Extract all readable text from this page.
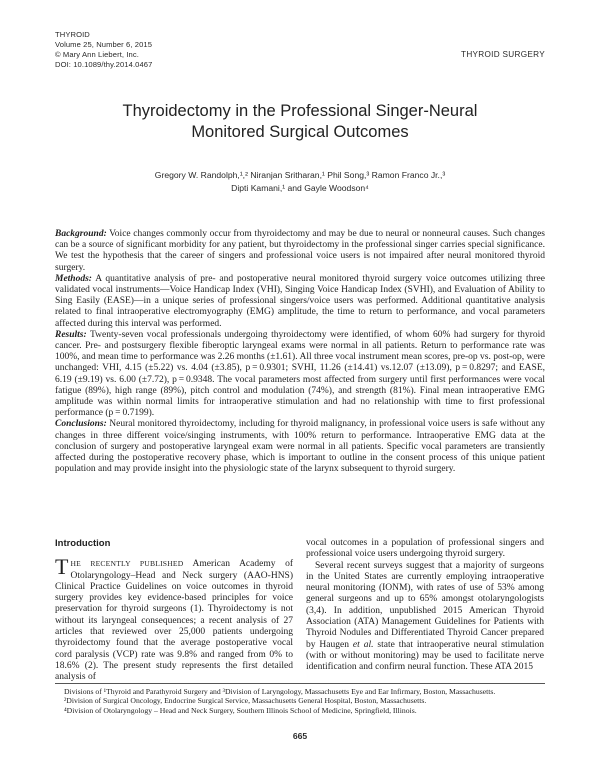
THYROID
Volume 25, Number 6, 2015
© Mary Ann Liebert, Inc.
DOI: 10.1089/thy.2014.0467
THYROID SURGERY
Thyroidectomy in the Professional Singer-Neural Monitored Surgical Outcomes
Gregory W. Randolph,¹,² Niranjan Sritharan,¹ Phil Song,³ Ramon Franco Jr.,³
Dipti Kamani,¹ and Gayle Woodson⁴

Background: Voice changes commonly occur from thyroidectomy and may be due to neural or nonneural causes. Such changes can be a source of significant morbidity for any patient, but thyroidectomy in the professional singer carries special significance. We test the hypothesis that the career of singers and professional voice users is not impaired after neural monitored thyroid surgery.

Methods: A quantitative analysis of pre- and postoperative neural monitored thyroid surgery voice outcomes utilizing three validated vocal instruments—Voice Handicap Index (VHI), Singing Voice Handicap Index (SVHI), and Evaluation of Ability to Sing Easily (EASE)—in a unique series of professional singers/voice users was performed. Additional quantitative analysis related to final intraoperative electromyography (EMG) amplitude, the time to return to performance, and vocal parameters affected during this interval was performed.

Results: Twenty-seven vocal professionals undergoing thyroidectomy were identified, of whom 60% had surgery for thyroid cancer. Pre- and postsurgery flexible fiberoptic laryngeal exams were normal in all patients. Return to performance rate was 100%, and mean time to performance was 2.26 months (±1.61). All three vocal instrument mean scores, pre-op vs. post-op, were unchanged: VHI, 4.15 (±5.22) vs. 4.04 (±3.85), p = 0.9301; SVHI, 11.26 (±14.41) vs.12.07 (±13.09), p = 0.8297; and EASE, 6.19 (±9.19) vs. 6.00 (±7.72), p = 0.9348. The vocal parameters most affected from surgery until first performances were vocal fatigue (89%), high range (89%), pitch control and modulation (74%), and strength (81%). Final mean intraoperative EMG amplitude was within normal limits for intraoperative stimulation and had no relationship with time to first professional performance (p = 0.7199).

Conclusions: Neural monitored thyroidectomy, including for thyroid malignancy, in professional voice users is safe without any changes in three different voice/singing instruments, with 100% return to performance. Intraoperative EMG data at the conclusion of surgery and postoperative laryngeal exam were normal in all patients. Specific vocal parameters are transiently affected during the postoperative recovery phase, which is important to outline in the consent process of this unique patient population and may provide insight into the physiologic state of the larynx subsequent to thyroid surgery.

Introduction

THE RECENTLY PUBLISHED American Academy of Otolaryngology–Head and Neck surgery (AAO-HNS) Clinical Practice Guidelines on voice outcomes in thyroid surgery provides key evidence-based principles for voice preservation for thyroid surgeons (1). Thyroidectomy is not without its laryngeal consequences; a recent analysis of 27 articles that reviewed over 25,000 patients undergoing thyroidectomy found that the average postoperative vocal cord paralysis (VCP) rate was 9.8% and ranged from 0% to 18.6% (2). The present study represents the first detailed analysis of

vocal outcomes in a population of professional singers and professional voice users undergoing thyroid surgery.

Several recent surveys suggest that a majority of surgeons in the United States are currently employing intraoperative neural monitoring (IONM), with rates of use of 53% among general surgeons and up to 65% amongst otolaryngologists (3,4). In addition, unpublished 2015 American Thyroid Association (ATA) Management Guidelines for Patients with Thyroid Nodules and Differentiated Thyroid Cancer prepared by Haugen et al. state that intraoperative neural stimulation (with or without monitoring) may be used to facilitate nerve identification and confirm neural function. These ATA 2015

Divisions of ¹Thyroid and Parathyroid Surgery and ³Division of Laryngology, Massachusetts Eye and Ear Infirmary, Boston, Massachusetts.

²Division of Surgical Oncology, Endocrine Surgical Service, Massachusetts General Hospital, Boston, Massachusetts.

⁴Division of Otolaryngology – Head and Neck Surgery, Southern Illinois School of Medicine, Springfield, Illinois.

665
